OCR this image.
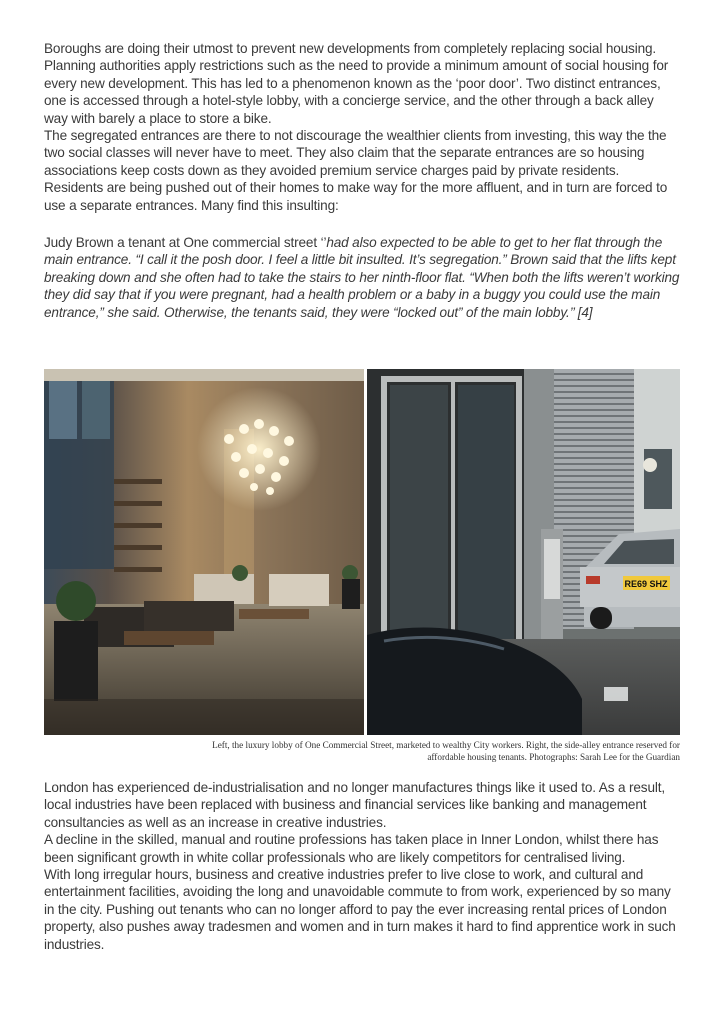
Boroughs are doing their utmost to prevent new developments from completely replacing social housing. Planning authorities apply restrictions such as the need to provide a minimum amount of social housing for every new development. This has led to a phenomenon known as the ‘poor door’. Two distinct entrances, one is accessed through a hotel-style lobby, with a concierge service, and the other through a back alley way with barely a place to store a bike.
The segregated entrances are there to not discourage the wealthier clients from investing, this way the the two social classes will never have to meet. They also claim that the separate entrances are so housing associations keep costs down as they avoided premium service charges paid by private residents.
Residents are being pushed out of their homes to make way for the more affluent, and in turn are forced to use a separate entrances. Many find this insulting:

Judy Brown a tenant at One commercial street ‘’had also expected to be able to get to her flat through the main entrance. “I call it the posh door. I feel a little bit insulted. It’s segregation.” Brown said that the lifts kept breaking down and she often had to take the stairs to her ninth-floor flat. “When both the lifts weren’t working they did say that if you were pregnant, had a health problem or a baby in a buggy you could use the main entrance,” she said. Otherwise, the tenants said, they were “locked out” of the main lobby.’’ [4]

RE69 SHZ

Left, the luxury lobby of One Commercial Street, marketed to wealthy City workers. Right, the side-alley entrance reserved for
affordable housing tenants. Photographs: Sarah Lee for the Guardian

London has experienced de-industrialisation and no longer manufactures things like it used to. As a result, local industries have been replaced with business and financial services like banking and management consultancies as well as an increase in creative industries.
A decline in the skilled, manual and routine professions has taken place in Inner London, whilst there has been significant growth in white collar professionals who are likely competitors for centralised living.
With long irregular hours, business and creative industries prefer to live close to work, and cultural and entertainment facilities, avoiding the long and unavoidable commute to from work, experienced by so many in the city. Pushing out tenants who can no longer afford to pay the ever increasing rental prices of London property, also pushes away tradesmen and women and in turn makes it hard to find apprentice work in such industries.
